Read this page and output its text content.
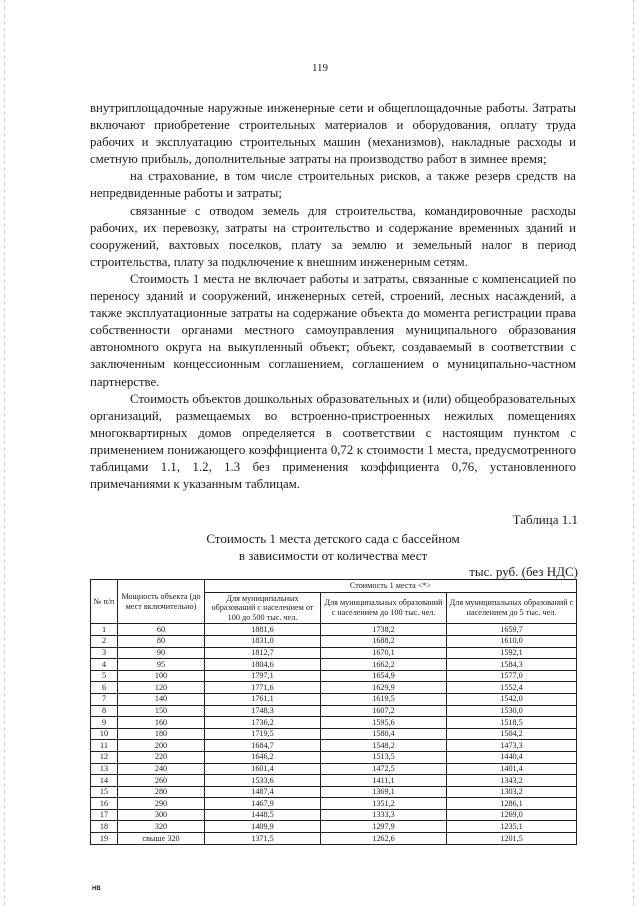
119

внутриплощадочные наружные инженерные сети и общеплощадочные работы. Затраты включают приобретение строительных материалов и оборудования, оплату труда рабочих и эксплуатацию строительных машин (механизмов), накладные расходы и сметную прибыль, дополнительные затраты на производство работ в зимнее время;

на страхование, в том числе строительных рисков, а также резерв средств на непредвиденные работы и затраты;

связанные с отводом земель для строительства, командировочные расходы рабочих, их перевозку, затраты на строительство и содержание временных зданий и сооружений, вахтовых поселков, плату за землю и земельный налог в период строительства, плату за подключение к внешним инженерным сетям.

Стоимость 1 места не включает работы и затраты, связанные с компенсацией по переносу зданий и сооружений, инженерных сетей, строений, лесных насаждений, а также эксплуатационные затраты на содержание объекта до момента регистрации права собственности органами местного самоуправления муниципального образования автономного округа на выкупленный объект; объект, создаваемый в соответствии с заключенным концессионным соглашением, соглашением о муниципально-частном партнерстве.

Стоимость объектов дошкольных образовательных и (или) общеобразовательных организаций, размещаемых во встроенно-пристроенных нежилых помещениях многоквартирных домов определяется в соответствии с настоящим пунктом с применением понижающего коэффициента 0,72 к стоимости 1 места, предусмотренного таблицами 1.1, 1.2, 1.3 без применения коэффициента 0,76, установленного примечаниями к указанным таблицам.

Таблица 1.1
Стоимость 1 места детского сада с бассейном
в зависимости от количества мест
тыс. руб. (без НДС)
№ п/п	Мощность объекта (до мест включительно)	Стоимость 1 места <*>		
		Для муниципальных образований с населением от 100 до 500 тыс. чел.	Для муниципальных образований с населением до 100 тыс. чел.	Для муниципальных образований с населением до 5 тыс. чел.
1	60	1881,6	1738,2	1659,7
2	80	1831,0	1688,2	1610,0
3	90	1812,7	1670,1	1592,1
4	95	1804,6	1662,2	1584,3
5	100	1797,1	1654,9	1577,0
6	120	1771,6	1629,9	1552,4
7	140	1761,1	1619,5	1542,0
8	150	1748,3	1607,2	1530,0
9	160	1736,2	1595,6	1518,5
10	180	1719,5	1580,4	1504,2
11	200	1684,7	1548,2	1473,3
12	220	1646,2	1513,5	1440,4
13	240	1601,4	1472,5	1401,4
14	260	1533,6	1411,1	1343,2
15	280	1487,4	1369,1	1303,2
16	290	1467,9	1351,2	1286,1
17	300	1448,5	1333,3	1269,0
18	320	1409,9	1297,9	1235,1
19	свыше 320	1371,5	1262,6	1201,5
НВ
